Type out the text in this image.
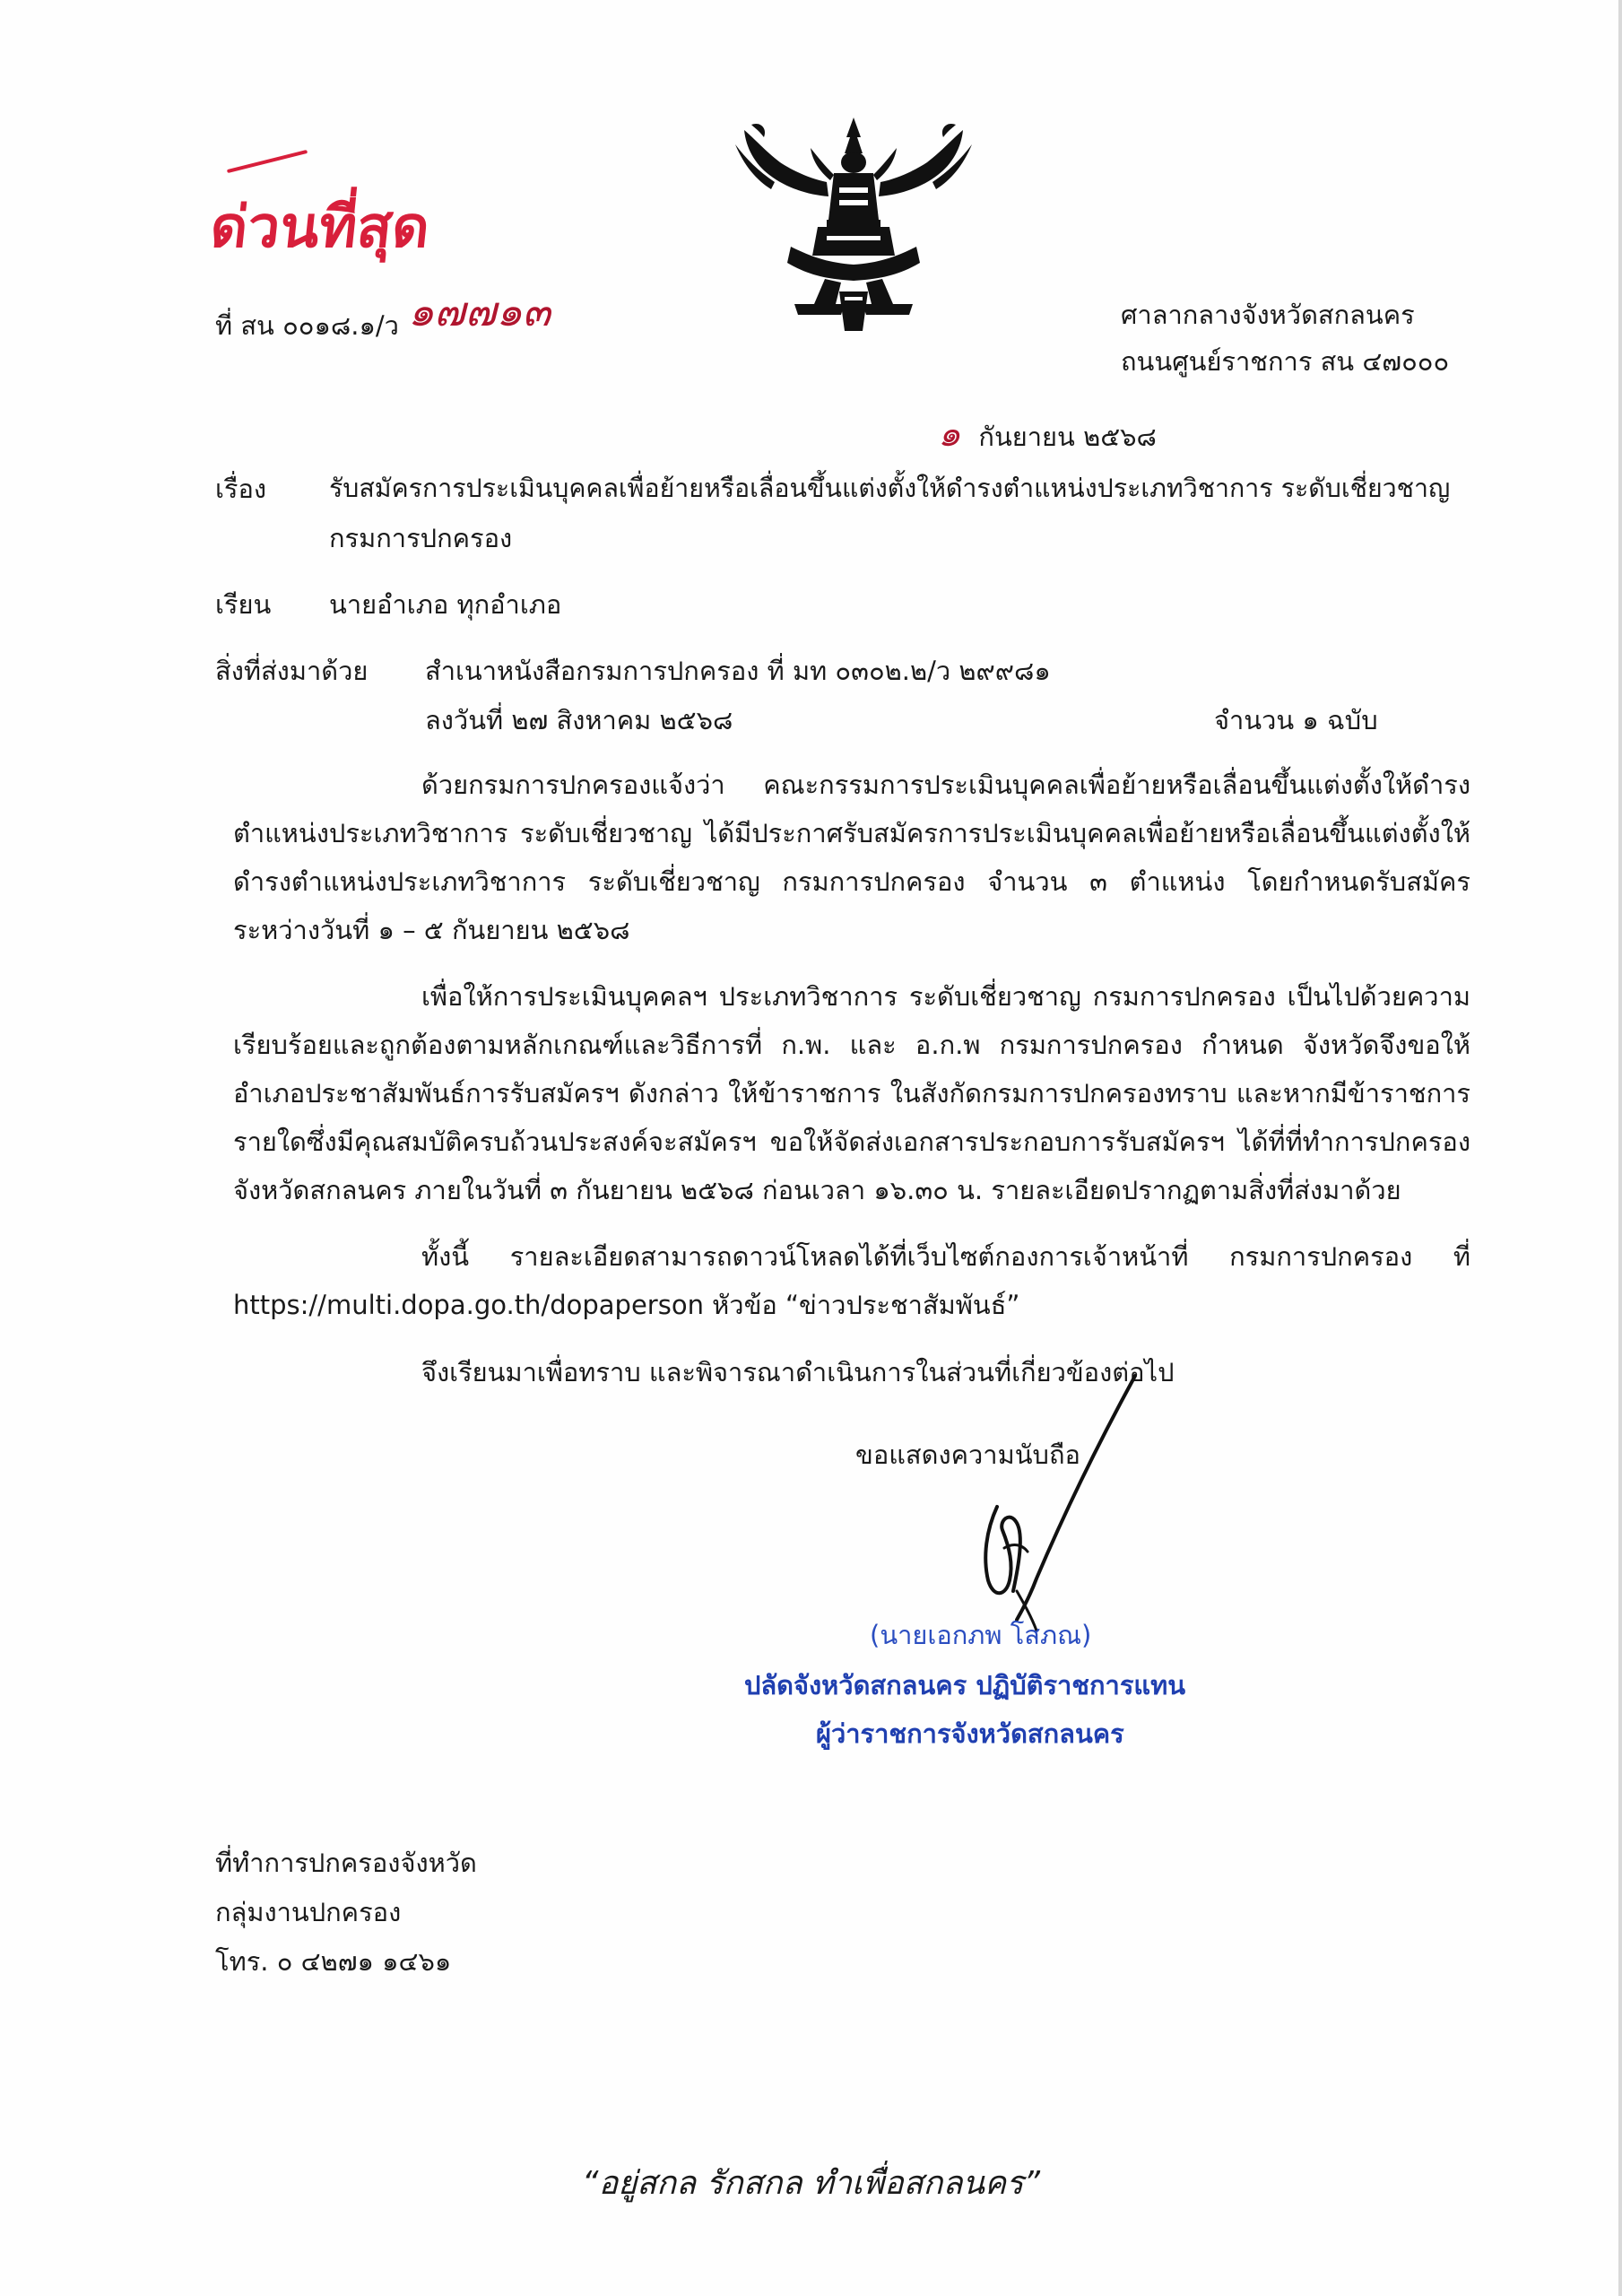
ด่วนที่สุด
ที่ สน ๐๐๑๘.๑/ว ๑๗๗๑๓	ศาลากลางจังหวัดสกลนคร
ถนนศูนย์ราชการ สน ๔๗๐๐๐
๑ กันยายน ๒๕๖๘
เรื่อง รับสมัครการประเมินบุคคลเพื่อย้ายหรือเลื่อนขึ้นแต่งตั้งให้ดำรงตำแหน่งประเภทวิชาการ ระดับเชี่ยวชาญ
กรมการปกครอง
เรียน นายอำเภอ ทุกอำเภอ
สิ่งที่ส่งมาด้วย สำเนาหนังสือกรมการปกครอง ที่ มท ๐๓๐๒.๒/ว ๒๙๙๘๑
ลงวันที่ ๒๗ สิงหาคม ๒๕๖๘	จำนวน ๑ ฉบับ

ด้วยกรมการปกครองแจ้งว่า คณะกรรมการประเมินบุคคลเพื่อย้ายหรือเลื่อนขึ้นแต่งตั้งให้ดำรงตำแหน่งประเภทวิชาการ ระดับเชี่ยวชาญ ได้มีประกาศรับสมัครการประเมินบุคคลเพื่อย้ายหรือเลื่อนขึ้นแต่งตั้งให้ดำรงตำแหน่งประเภทวิชาการ ระดับเชี่ยวชาญ กรมการปกครอง จำนวน ๓ ตำแหน่ง โดยกำหนดรับสมัครระหว่างวันที่ ๑ – ๕ กันยายน ๒๕๖๘

เพื่อให้การประเมินบุคคลฯ ประเภทวิชาการ ระดับเชี่ยวชาญ กรมการปกครอง เป็นไปด้วยความเรียบร้อยและถูกต้องตามหลักเกณฑ์และวิธีการที่ ก.พ. และ อ.ก.พ กรมการปกครอง กำหนด จังหวัดจึงขอให้อำเภอประชาสัมพันธ์การรับสมัครฯ ดังกล่าว ให้ข้าราชการ ในสังกัดกรมการปกครองทราบ และหากมีข้าราชการรายใดซึ่งมีคุณสมบัติครบถ้วนประสงค์จะสมัครฯ ขอให้จัดส่งเอกสารประกอบการรับสมัครฯ ได้ที่ที่ทำการปกครองจังหวัดสกลนคร ภายในวันที่ ๓ กันยายน ๒๕๖๘ ก่อนเวลา ๑๖.๓๐ น. รายละเอียดปรากฏตามสิ่งที่ส่งมาด้วย

ทั้งนี้ รายละเอียดสามารถดาวน์โหลดได้ที่เว็บไซต์กองการเจ้าหน้าที่ กรมการปกครอง ที่ https://multi.dopa.go.th/dopaperson หัวข้อ “ข่าวประชาสัมพันธ์”

จึงเรียนมาเพื่อทราบ และพิจารณาดำเนินการในส่วนที่เกี่ยวข้องต่อไป
ขอแสดงความนับถือ
(นายเอกภพ โสภณ)
ปลัดจังหวัดสกลนคร ปฏิบัติราชการแทน
ผู้ว่าราชการจังหวัดสกลนคร
ที่ทำการปกครองจังหวัด
กลุ่มงานปกครอง
โทร. ๐ ๔๒๗๑ ๑๔๖๑
“อยู่สกล รักสกล ทำเพื่อสกลนคร”
